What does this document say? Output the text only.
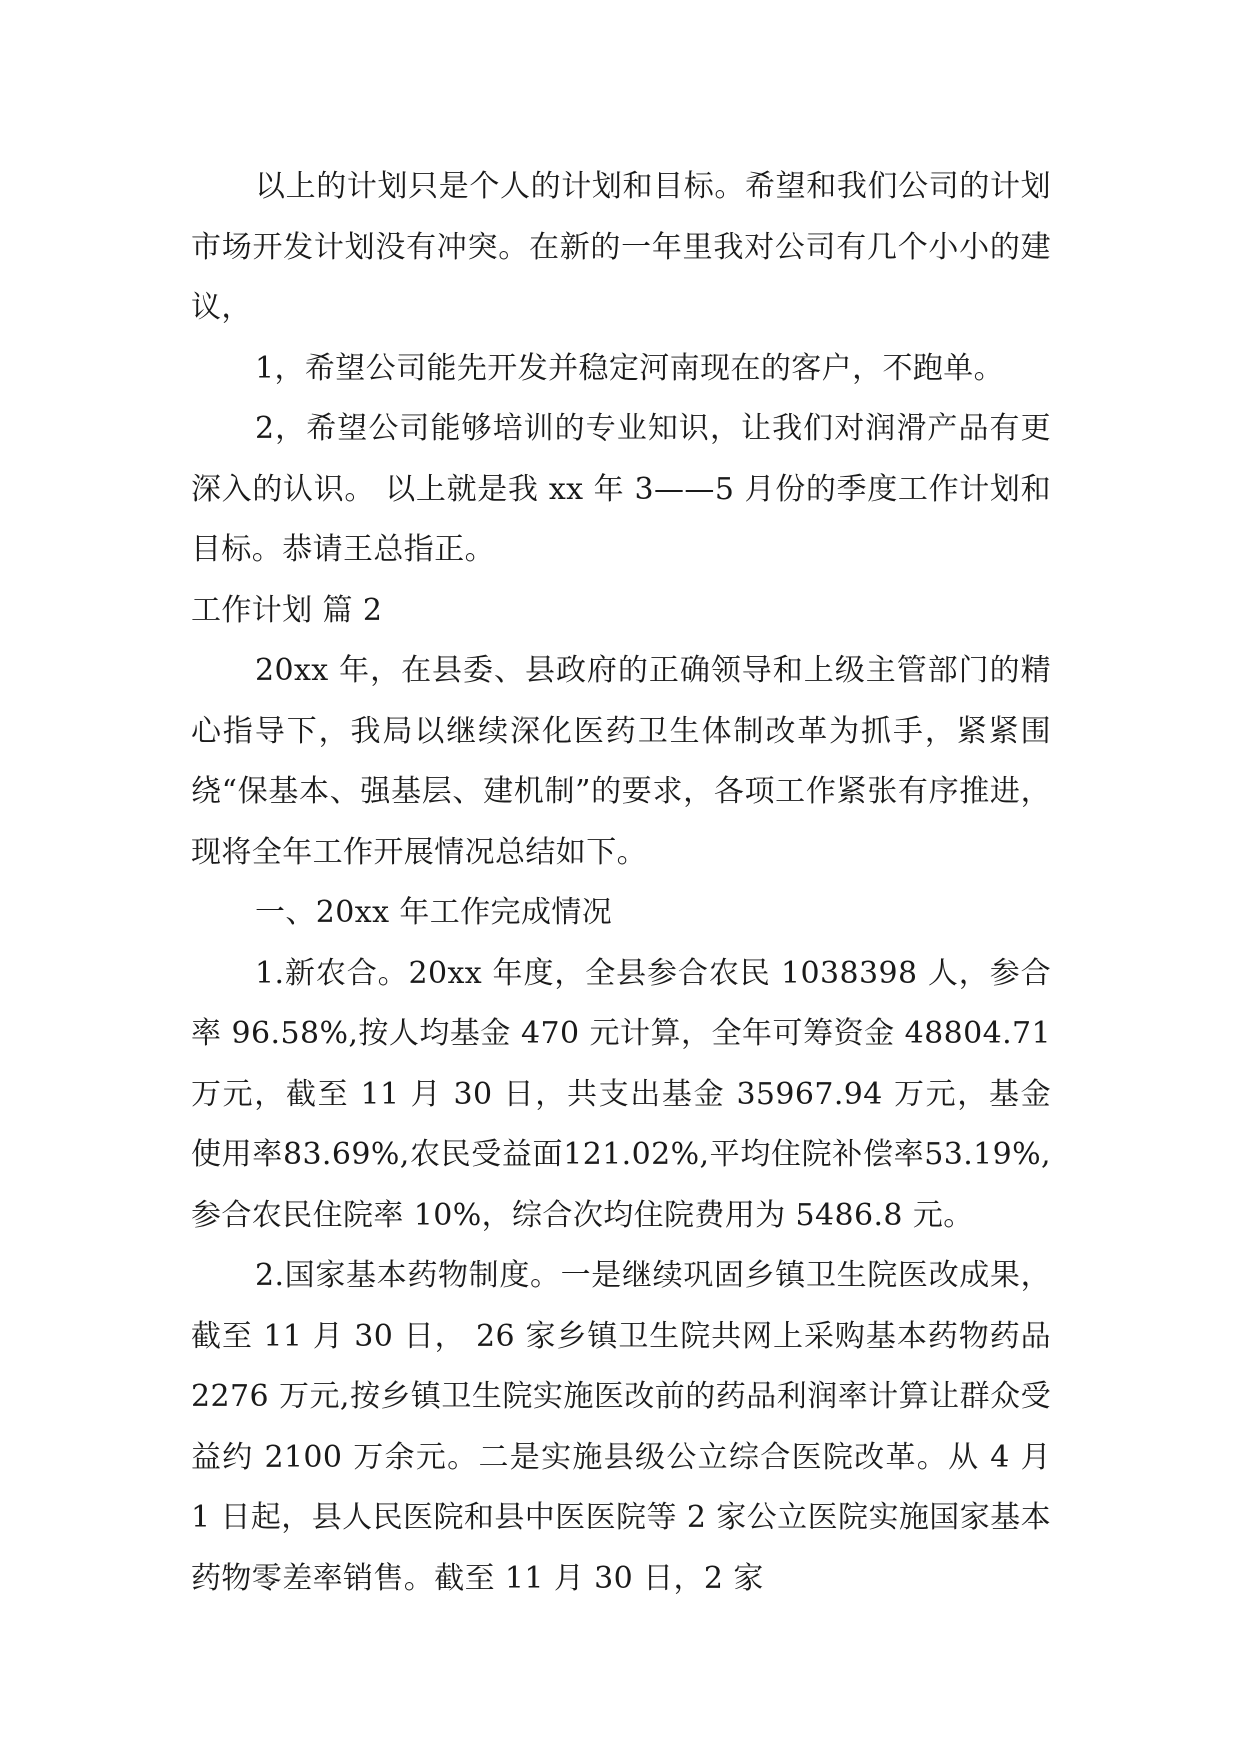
以上的计划只是个人的计划和目标。希望和我们公司的计划市场开发计划没有冲突。在新的一年里我对公司有几个小小的建议，

1，希望公司能先开发并稳定河南现在的客户，不跑单。

2，希望公司能够培训的专业知识，让我们对润滑产品有更深入的认识。 以上就是我 xx 年 3——5 月份的季度工作计划和目标。恭请王总指正。

工作计划 篇 2

20xx 年，在县委、县政府的正确领导和上级主管部门的精心指导下，我局以继续深化医药卫生体制改革为抓手，紧紧围绕“保基本、强基层、建机制”的要求，各项工作紧张有序推进，现将全年工作开展情况总结如下。

一、20xx 年工作完成情况

1.新农合。20xx 年度，全县参合农民 1038398 人，参合率 96.58%,按人均基金 470 元计算，全年可筹资金 48804.71万元，截至 11 月 30 日，共支出基金 35967.94 万元，基金使用率83.69%,农民受益面121.02%,平均住院补偿率53.19%,参合农民住院率 10%，综合次均住院费用为 5486.8 元。

2.国家基本药物制度。一是继续巩固乡镇卫生院医改成果，截至 11 月 30 日， 26 家乡镇卫生院共网上采购基本药物药品 2276 万元,按乡镇卫生院实施医改前的药品利润率计算让群众受益约 2100 万余元。二是实施县级公立综合医院改革。从 4 月 1 日起，县人民医院和县中医医院等 2 家公立医院实施国家基本药物零差率销售。截至 11 月 30 日，2 家
